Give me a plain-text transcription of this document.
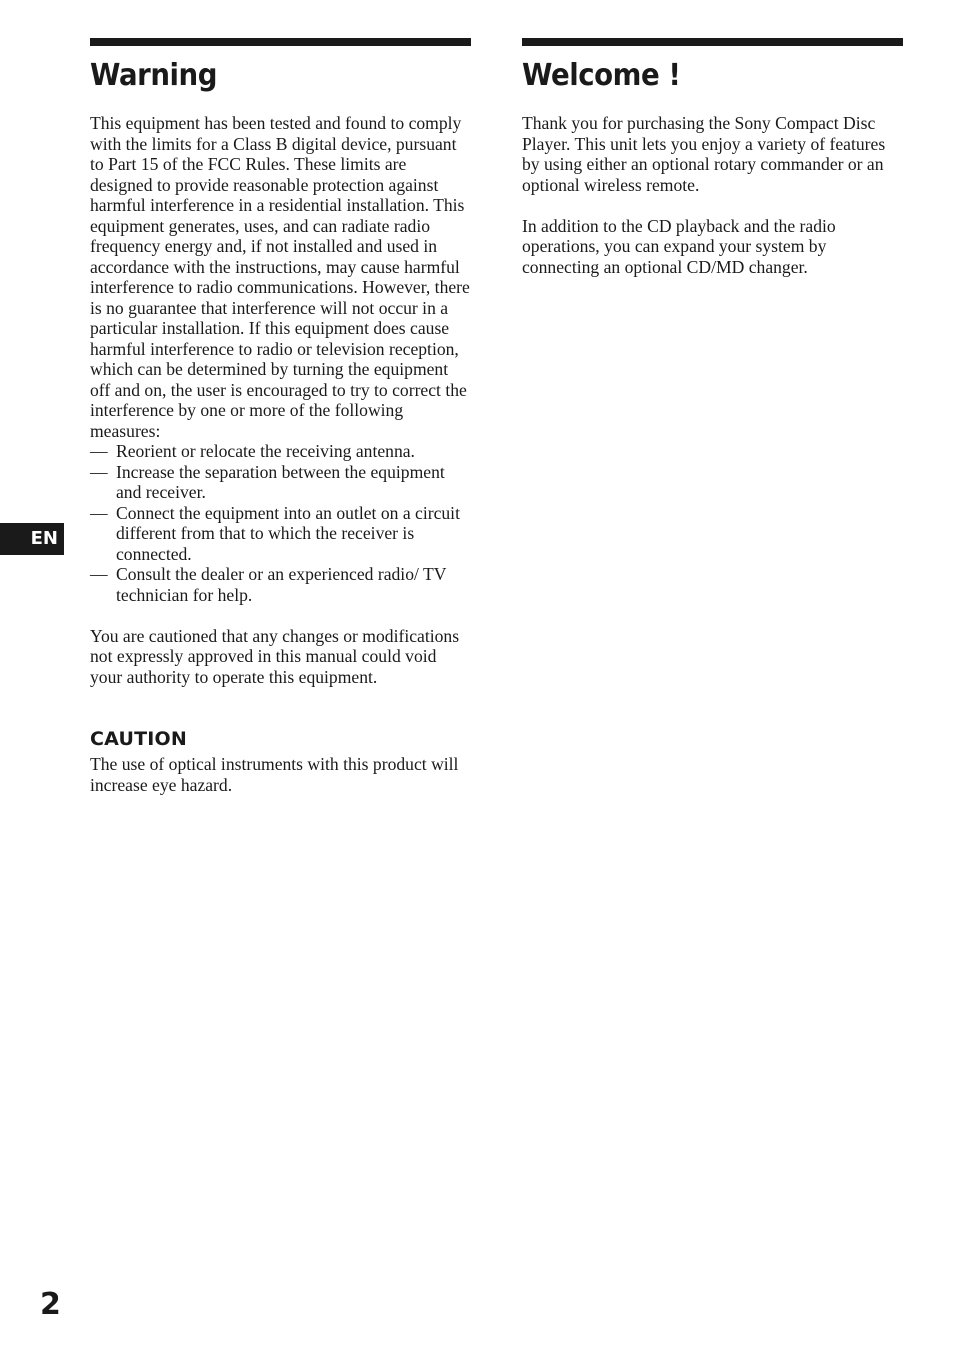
Warning

This equipment has been tested and found to comply with the limits for a Class B digital device, pursuant to Part 15 of the FCC Rules. These limits are designed to provide reasonable protection against harmful interference in a residential installation. This equipment generates, uses, and can radiate radio frequency energy and, if not installed and used in accordance with the instructions, may cause harmful interference to radio communications. However, there is no guarantee that interference will not occur in a particular installation. If this equipment does cause harmful interference to radio or television reception, which can be determined by turning the equipment off and on, the user is encouraged to try to correct the interference by one or more of the following measures:

— Reorient or relocate the receiving antenna.
— Increase the separation between the equipment and receiver.
— Connect the equipment into an outlet on a circuit different from that to which the receiver is connected.
— Consult the dealer or an experienced radio/ TV technician for help.

You are cautioned that any changes or modifications not expressly approved in this manual could void your authority to operate this equipment.

CAUTION

The use of optical instruments with this product will increase eye hazard.

Welcome !

Thank you for purchasing the Sony Compact Disc Player. This unit lets you enjoy a variety of features by using either an optional rotary commander or an optional wireless remote.

In addition to the CD playback and the radio operations, you can expand your system by connecting an optional CD/MD changer.

EN
2
